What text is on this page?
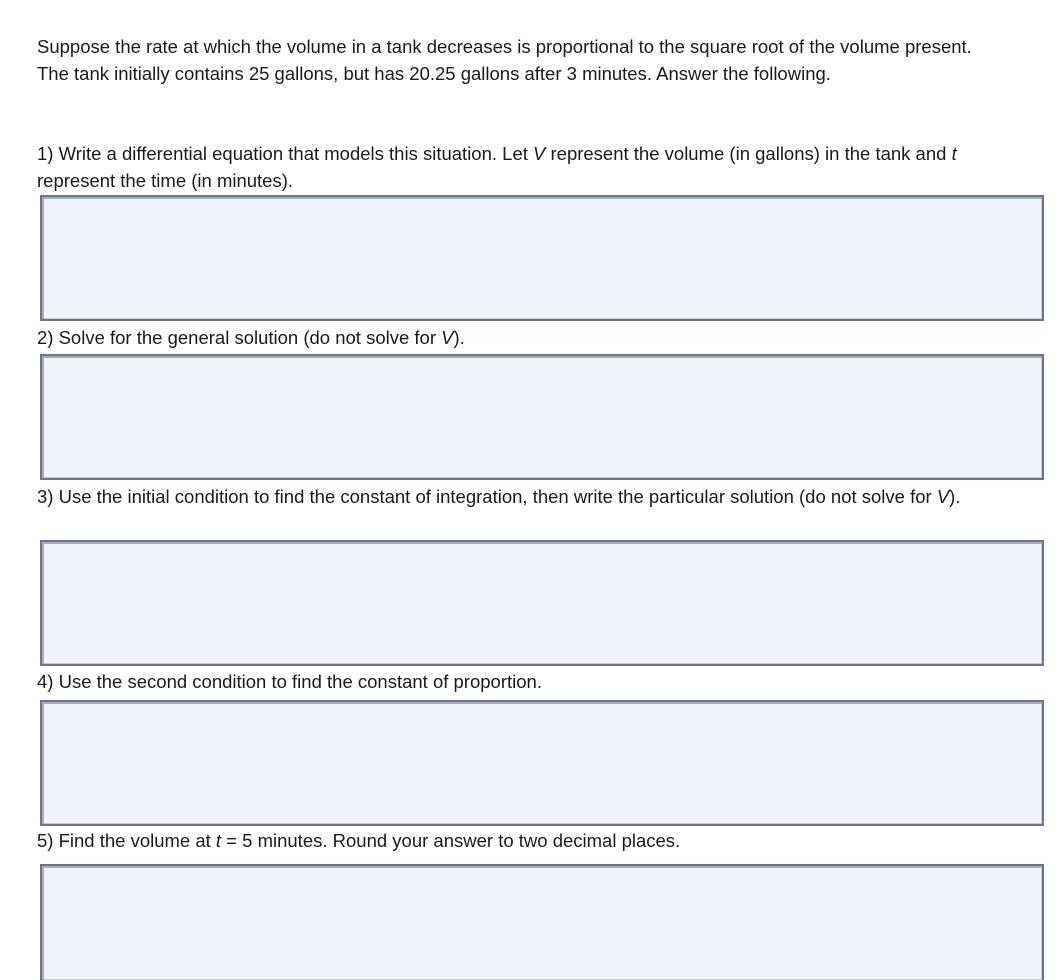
Suppose the rate at which the volume in a tank decreases is proportional to the square root of the volume present. The tank initially contains 25 gallons, but has 20.25 gallons after 3 minutes. Answer the following.

1) Write a differential equation that models this situation. Let V represent the volume (in gallons) in the tank and t represent the time (in minutes).

2) Solve for the general solution (do not solve for V).

3) Use the initial condition to find the constant of integration, then write the particular solution (do not solve for V).

4) Use the second condition to find the constant of proportion.

5) Find the volume at t = 5 minutes. Round your answer to two decimal places.
